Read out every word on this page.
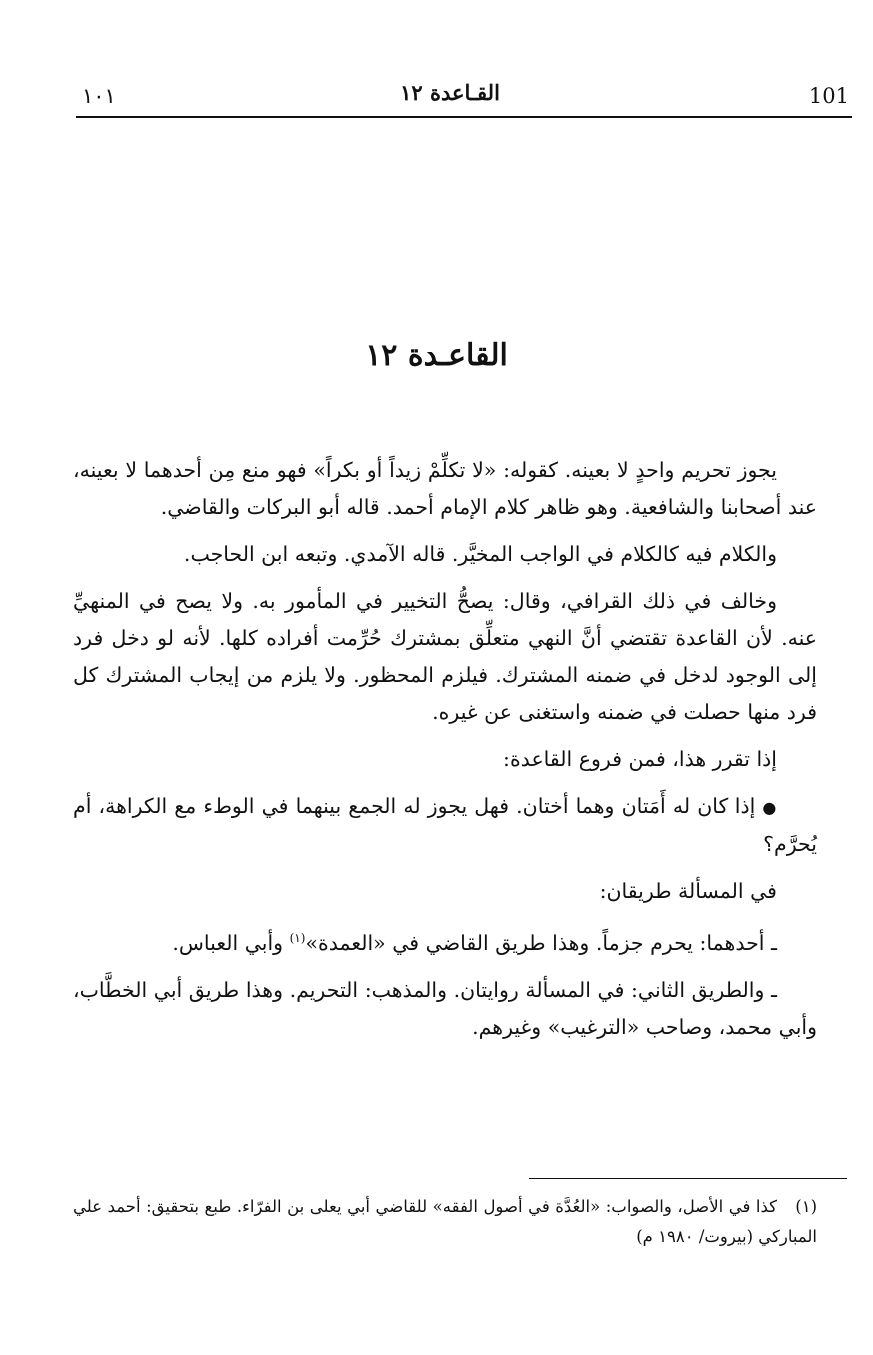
101
القـاعدة ١٢
١٠١
القاعـدة ١٢

يجوز تحريم واحدٍ لا بعينه. كقوله: «لا تكلِّمْ زيداً أو بكراً» فهو منع مِن أحدهما لا بعينه، عند أصحابنا والشافعية. وهو ظاهر كلام الإمام أحمد. قاله أبو البركات والقاضي.

والكلام فيه كالكلام في الواجب المخيَّر. قاله الآمدي. وتبعه ابن الحاجب.

وخالف في ذلك القرافي، وقال: يصحُّ التخيير في المأمور به. ولا يصح في المنهيِّ عنه. لأن القاعدة تقتضي أنَّ النهي متعلِّق بمشترك حُرِّمت أفراده كلها. لأنه لو دخل فرد إلى الوجود لدخل في ضمنه المشترك. فيلزم المحظور. ولا يلزم من إيجاب المشترك كل فرد منها حصلت في ضمنه واستغنى عن غيره.

إذا تقرر هذا، فمن فروع القاعدة:

● إذا كان له أَمَتان وهما أختان. فهل يجوز له الجمع بينهما في الوطء مع الكراهة، أم يُحرَّم؟

في المسألة طريقان:

ـ أحدهما: يحرم جزماً. وهذا طريق القاضي في «العمدة»$^{(١)}$ وأبي العباس.

ـ والطريق الثاني: في المسألة روايتان. والمذهب: التحريم. وهذا طريق أبي الخطَّاب، وأبي محمد، وصاحب «الترغيب» وغيرهم.

(١)كذا في الأصل، والصواب: «العُدَّة في أصول الفقه» للقاضي أبي يعلى بن الفرّاء. طبع بتحقيق: أحمد علي المباركي (بيروت/ ١٩٨٠ م)
